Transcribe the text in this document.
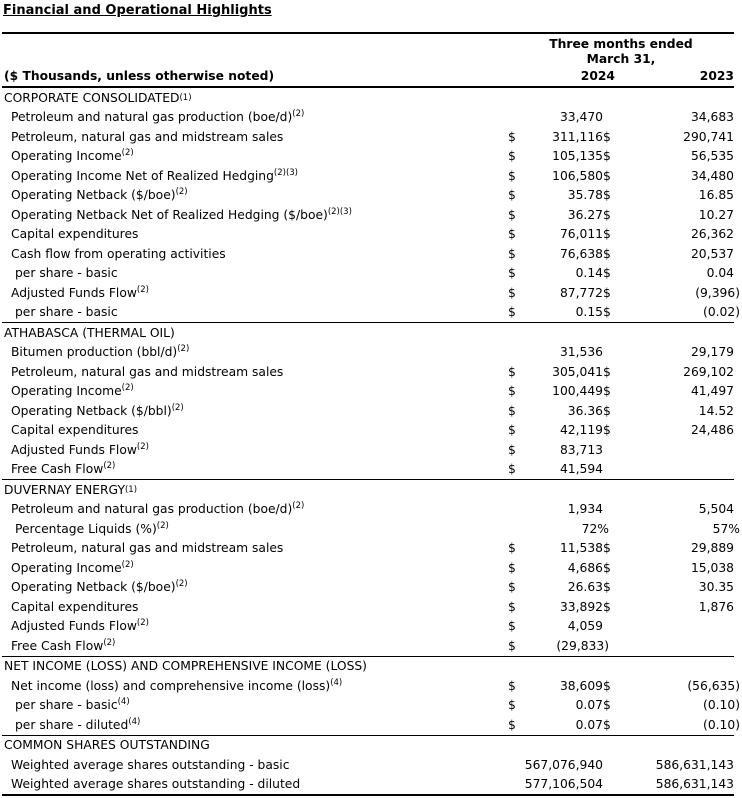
Financial and Operational Highlights
Three months ended
March 31,
($ Thousands, unless otherwise noted)	2024	2023
CORPORATE CONSOLIDATED (1)
Petroleum and natural gas production $(boe/d)^{(2)}$	33,470	34,683
Petroleum, natural gas and midstream sales	$	311,116 $	290,741
Operating Income$^{(2)}$	$	105,135 $	56,535
Operating Income Net of Realized Hedging$^{(2)(3)}$	$	106,580 $	34,480
Operating Netback ($/boe)$^{(2)}$	$	35.78 $	16.85
Operating Netback Net of Realized Hedging ($/boe)$^{(2)(3)}$	$	36.27 $	10.27
Capital expenditures	$	76,011 $	26,362
Cash flow from operating activities	$	76,638 $	20,537
per share - basic	$	0.14 $	0.04
Adjusted Funds Flow$^{(2)}$	$	87,772 $	(9,396)
per share - basic	$	0.15 $	(0.02)
ATHABASCA (THERMAL OIL)
Bitumen production $(bbl/d)^{(2)}$	31,536	29,179
Petroleum, natural gas and midstream sales	$	305,041 $	269,102
Operating Income$^{(2)}$	$	100,449 $	41,497
Operating Netback ($/bbl)$^{(2)}$	$	36.36 $	14.52
Capital expenditures	$	42,119 $	24,486
Adjusted Funds Flow$^{(2)}$	$	83,713
Free Cash Flow$^{(2)}$	$	41,594
DUVERNAY ENERGY (1)
Petroleum and natural gas production $(boe/d)^{(2)}$	1,934	5,504
Percentage Liquids (%)$^{(2)}$	72%	57%
Petroleum, natural gas and midstream sales	$	11,538 $	29,889
Operating Income$^{(2)}$	$	4,686 $	15,038
Operating Netback ($/boe)$^{(2)}$	$	26.63 $	30.35
Capital expenditures	$	33,892 $	1,876
Adjusted Funds Flow$^{(2)}$	$	4,059
Free Cash Flow$^{(2)}$	$	(29,833)
NET INCOME (LOSS) AND COMPREHENSIVE INCOME (LOSS)
Net income (loss) and comprehensive income (loss)$^{(4)}$	$	38,609 $	(56,635)
per share - basic$^{(4)}$	$	0.07 $	(0.10)
per share - diluted$^{(4)}$	$	0.07 $	(0.10)
COMMON SHARES OUTSTANDING
Weighted average shares outstanding - basic	567,076,940	586,631,143
Weighted average shares outstanding - diluted	577,106,504	586,631,143
